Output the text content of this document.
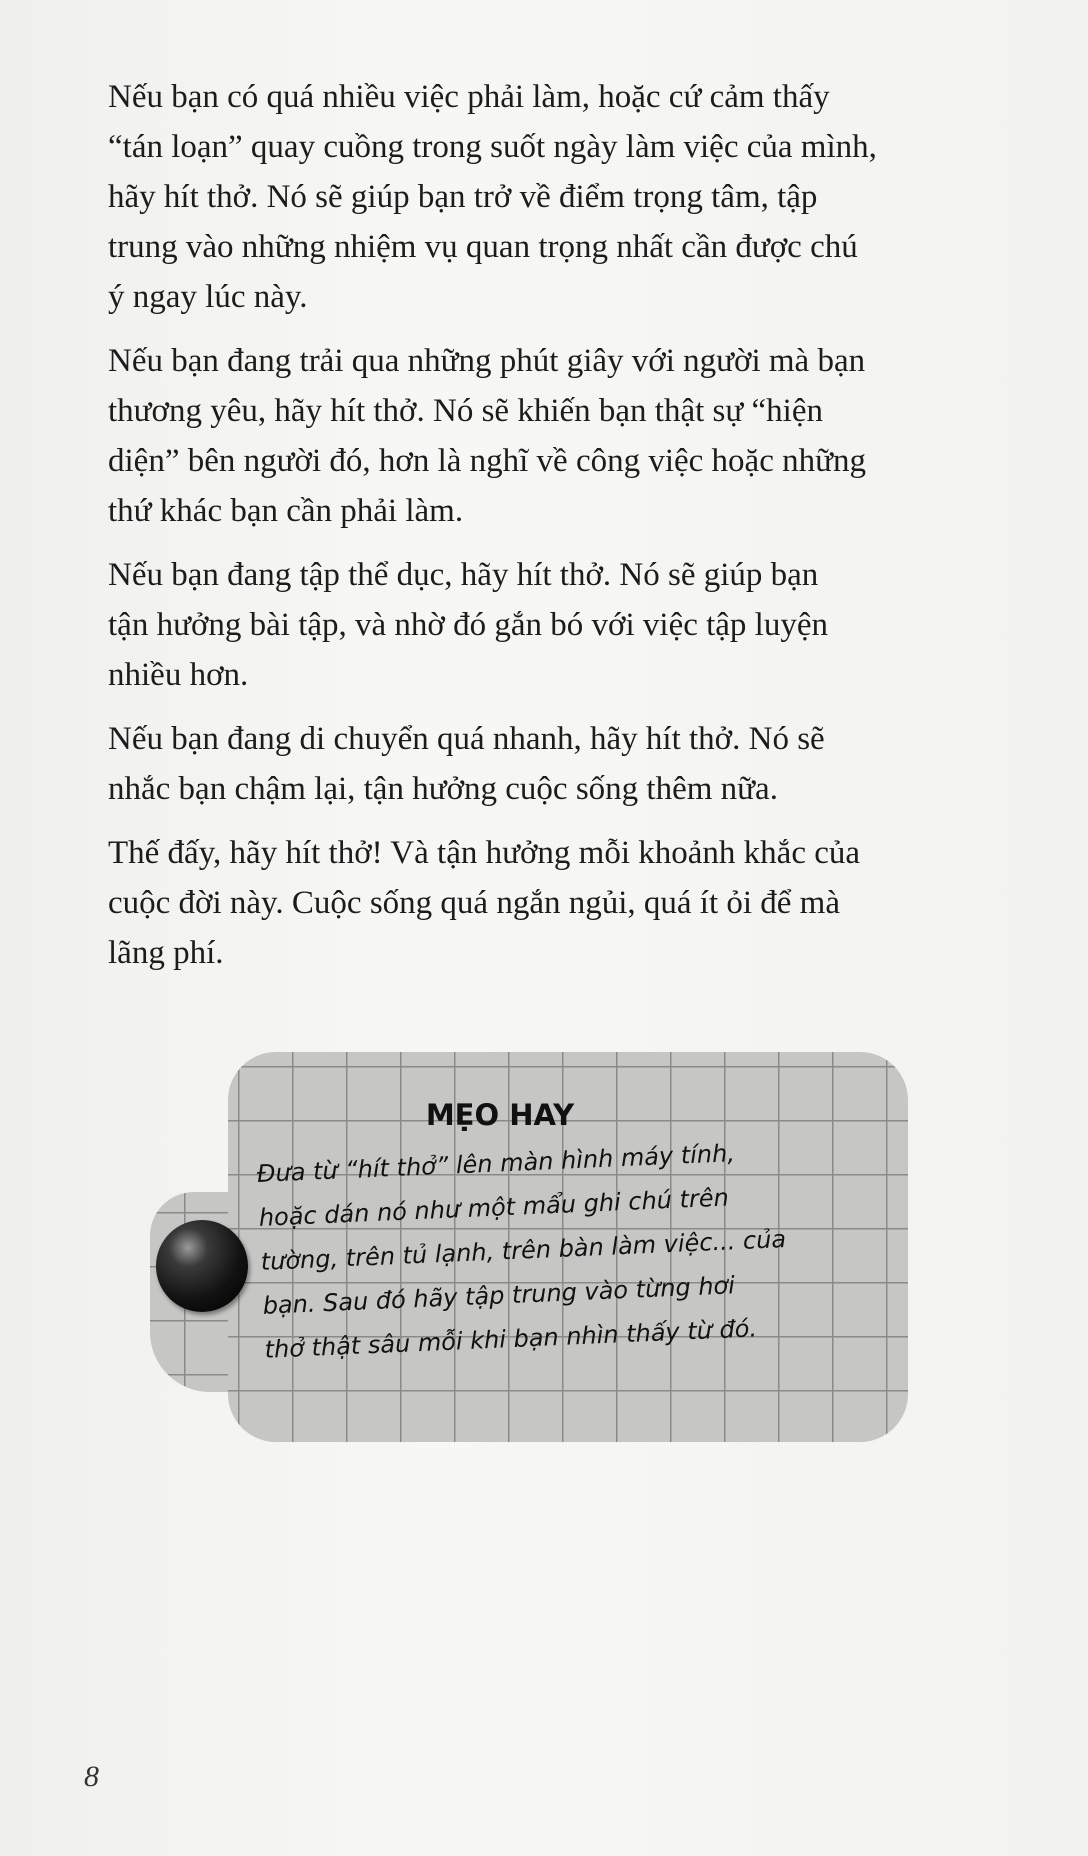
Nếu bạn có quá nhiều việc phải làm, hoặc cứ cảm thấy
“tán loạn” quay cuồng trong suốt ngày làm việc của mình,
hãy hít thở. Nó sẽ giúp bạn trở về điểm trọng tâm, tập
trung vào những nhiệm vụ quan trọng nhất cần được chú
ý ngay lúc này.

Nếu bạn đang trải qua những phút giây với người mà bạn
thương yêu, hãy hít thở. Nó sẽ khiến bạn thật sự “hiện
diện” bên người đó, hơn là nghĩ về công việc hoặc những
thứ khác bạn cần phải làm.

Nếu bạn đang tập thể dục, hãy hít thở. Nó sẽ giúp bạn
tận hưởng bài tập, và nhờ đó gắn bó với việc tập luyện
nhiều hơn.

Nếu bạn đang di chuyển quá nhanh, hãy hít thở. Nó sẽ
nhắc bạn chậm lại, tận hưởng cuộc sống thêm nữa.

Thế đấy, hãy hít thở! Và tận hưởng mỗi khoảnh khắc của
cuộc đời này. Cuộc sống quá ngắn ngủi, quá ít ỏi để mà
lãng phí.

MẸO HAY
Đưa từ “hít thở” lên màn hình máy tính,
hoặc dán nó như một mẩu ghi chú trên
tường, trên tủ lạnh, trên bàn làm việc... của
bạn. Sau đó hãy tập trung vào từng hơi
thở thật sâu mỗi khi bạn nhìn thấy từ đó.
8
